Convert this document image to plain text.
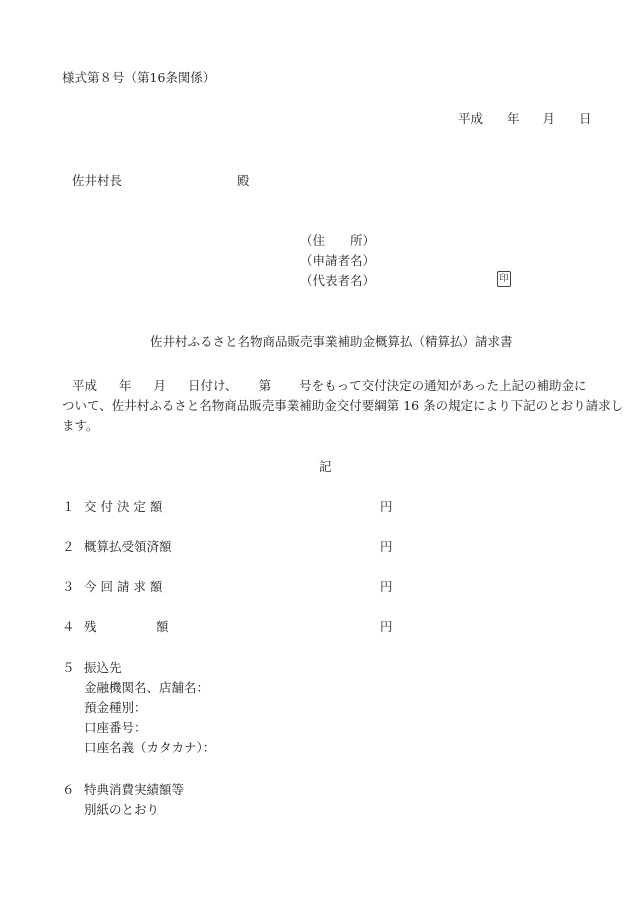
様式第８号（第16条関係）
平成 年 月 日
佐井村長	殿
（住　　所）
（申請者名）
（代表者名）	印
佐井村ふるさと名物商品販売事業補助金概算払（精算払）請求書
平成 年 月 日付け、 第 号をもって交付決定の通知があった上記の補助金に
ついて、佐井村ふるさと名物商品販売事業補助金交付要綱第 16 条の規定により下記のとおり請求し
ます。
記
１ 交 付 決 定 額	円
２ 概算払受領済額	円
３ 今 回 請 求 額	円
４ 残	額	円
５ 振込先
金融機関名、店舗名：
預金種別：
口座番号：
口座名義（カタカナ）：
６ 特典消費実績額等
別紙のとおり
